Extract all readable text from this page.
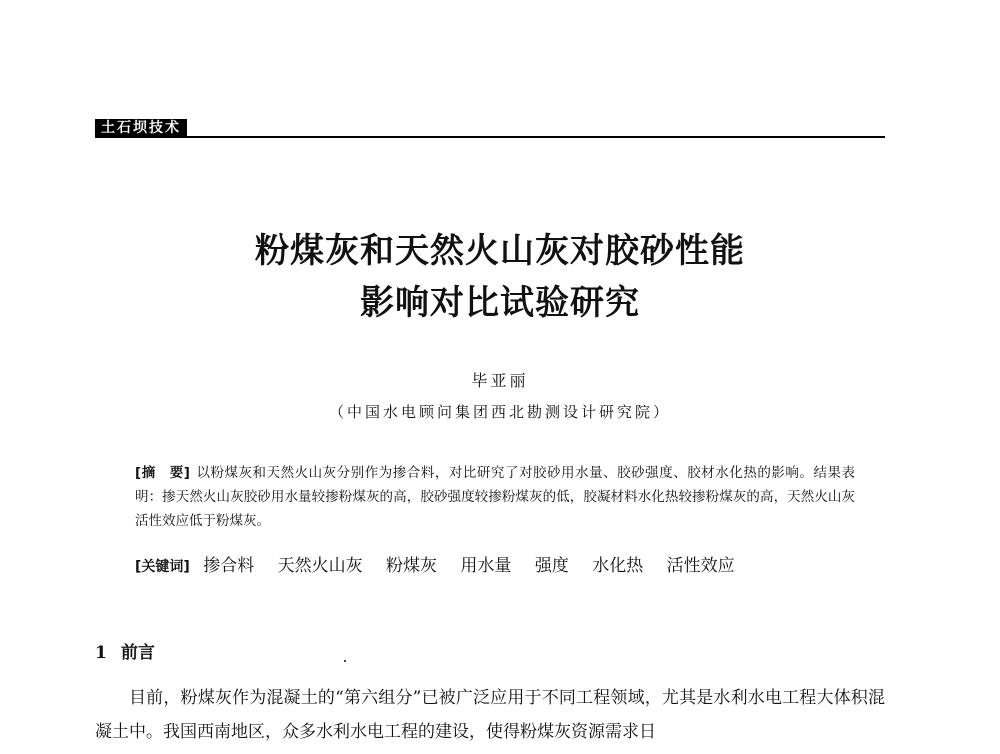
土石坝技术
粉煤灰和天然火山灰对胶砂性能
影响对比试验研究
毕亚丽
（中国水电顾问集团西北勘测设计研究院）
[摘　要] 以粉煤灰和天然火山灰分别作为掺合料，对比研究了对胶砂用水量、胶砂强度、胶材水化热的影响。结果表明：掺天然火山灰胶砂用水量较掺粉煤灰的高，胶砂强度较掺粉煤灰的低，胶凝材料水化热较掺粉煤灰的高，天然火山灰活性效应低于粉煤灰。
[关键词] 掺合料 天然火山灰 粉煤灰 用水量 强度 水化热 活性效应
1 前言
目前，粉煤灰作为混凝土的“第六组分”已被广泛应用于不同工程领域，尤其是水利水电工程大体积混凝土中。我国西南地区，众多水利水电工程的建设，使得粉煤灰资源需求日
